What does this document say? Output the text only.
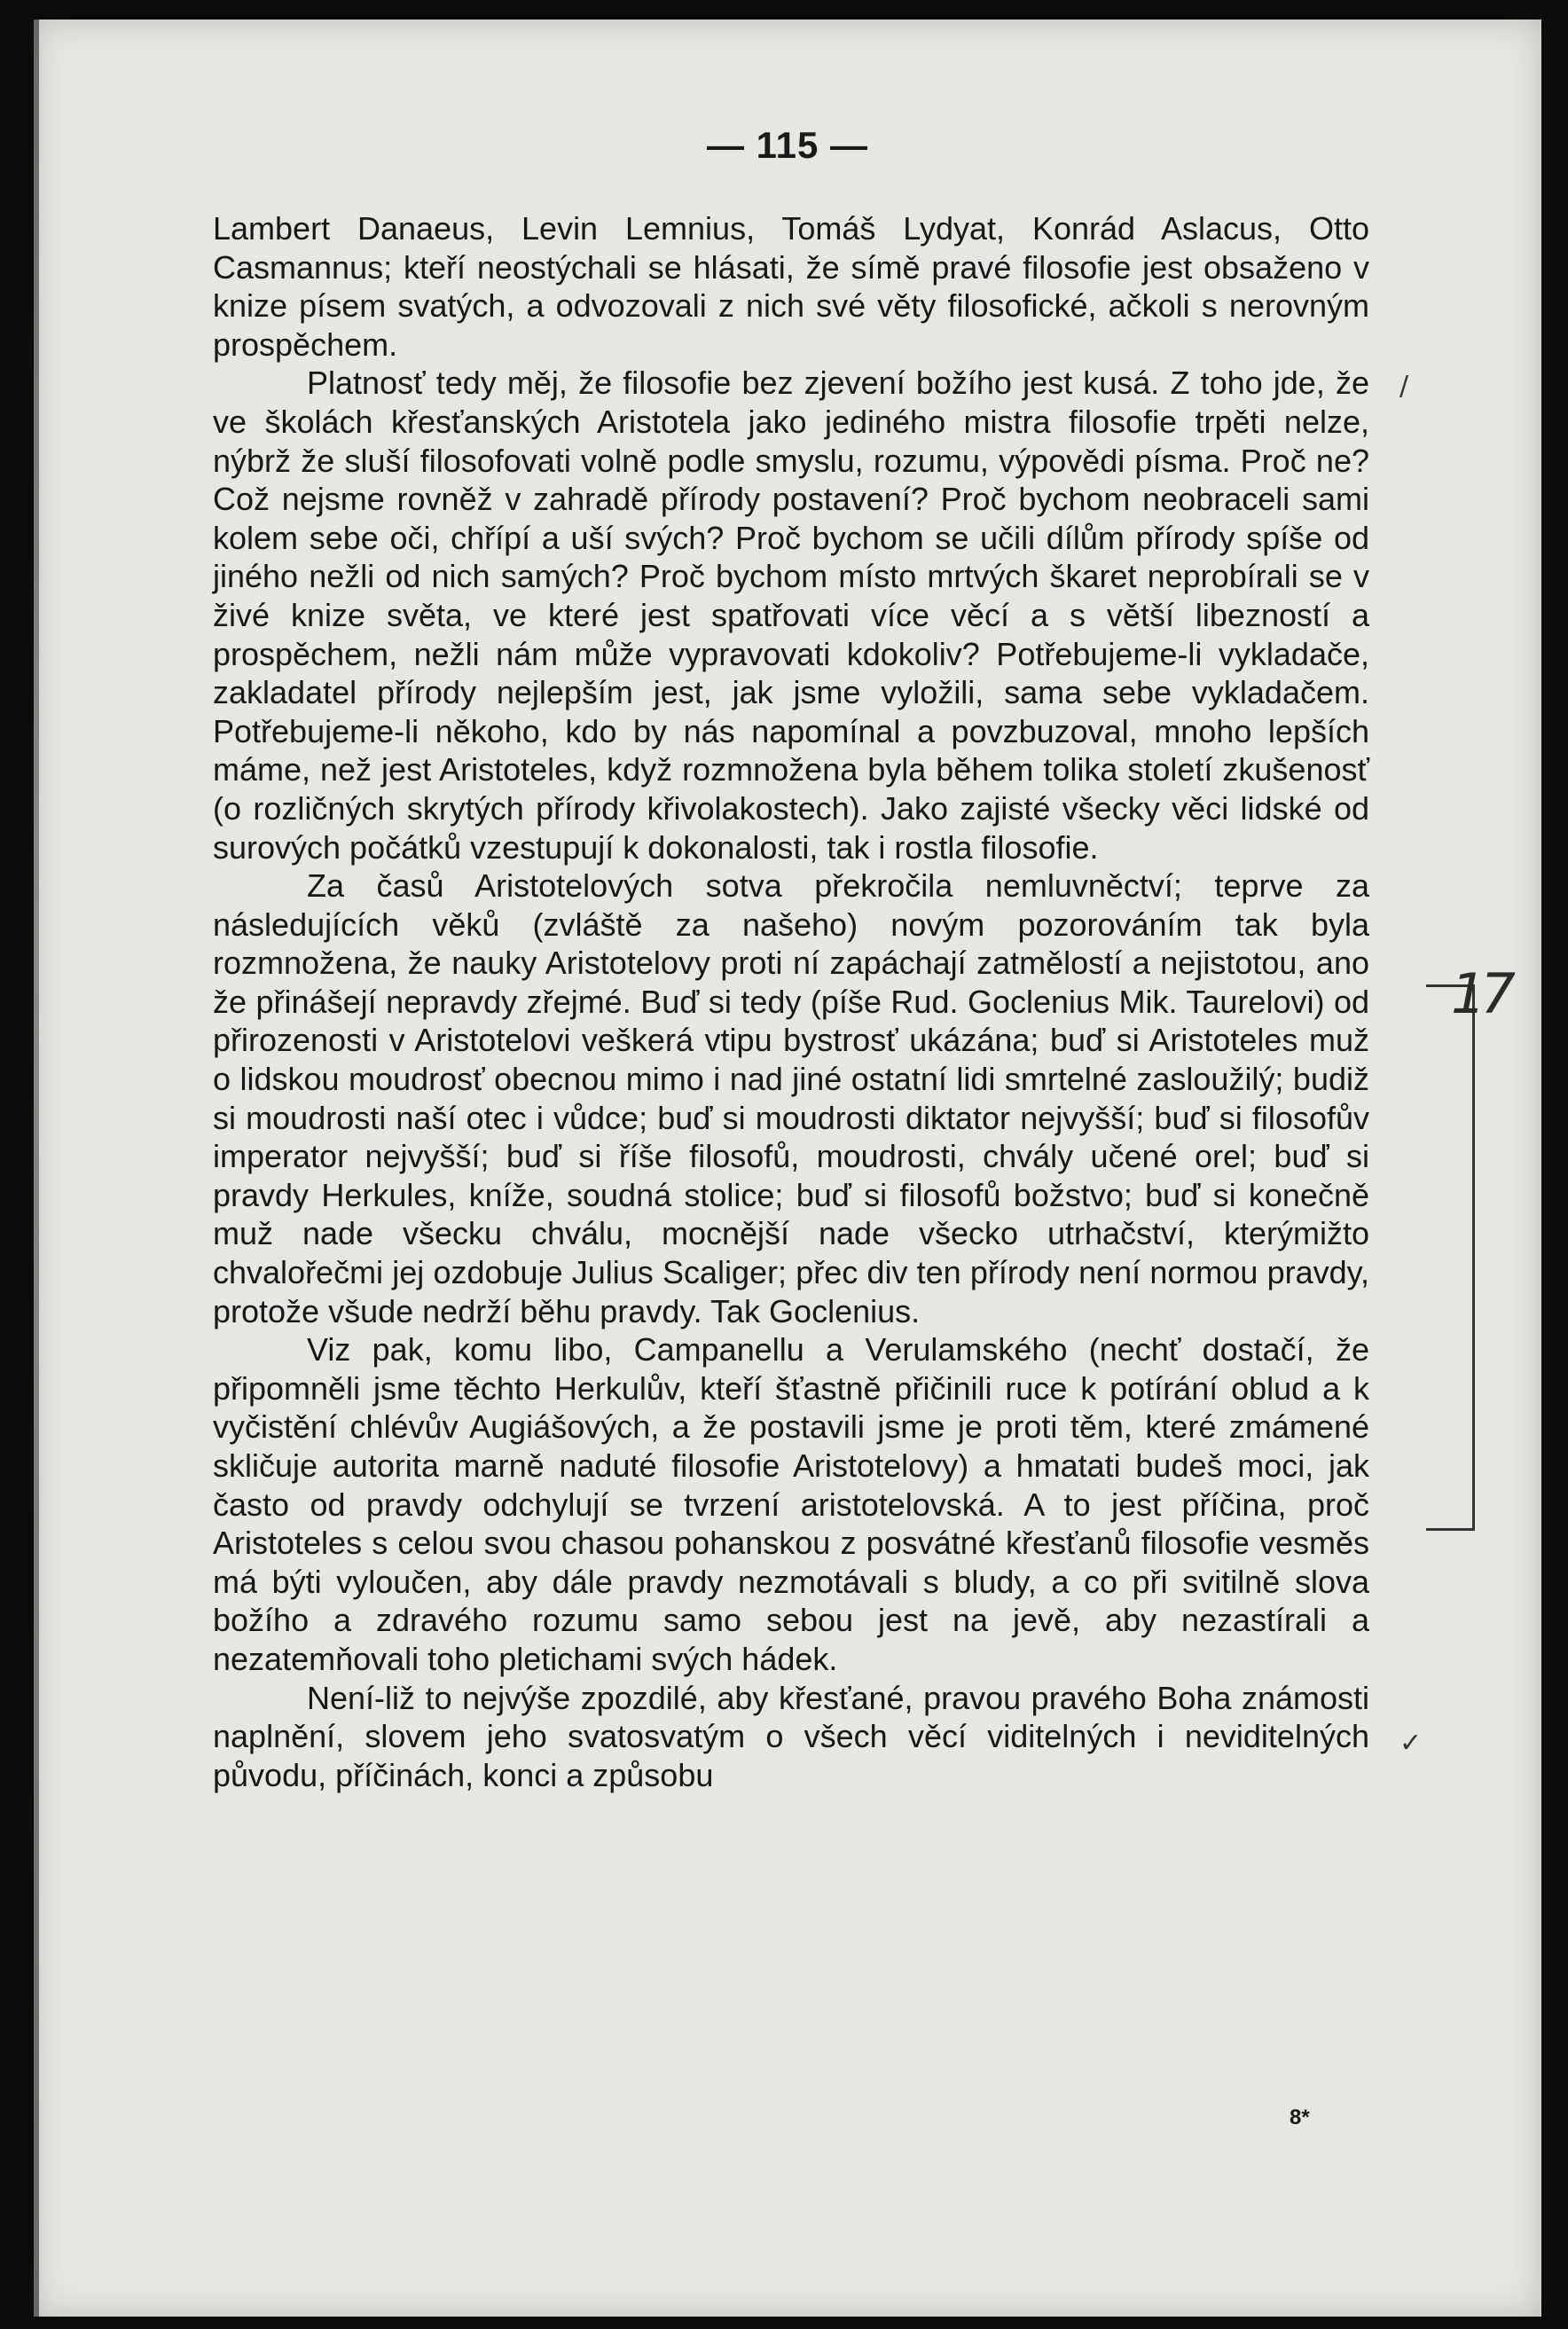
— 115 —

Lambert Danaeus, Levin Lemnius, Tomáš Lydyat, Konrád Aslacus, Otto Casmannus; kteří neostýchali se hlásati, že símě pravé filosofie jest obsaženo v knize písem svatých, a odvozovali z nich své věty filosofické, ačkoli s nerovným prospěchem.

Platnosť tedy měj, že filosofie bez zjevení božího jest kusá. Z toho jde, že ve školách křesťanských Aristotela jako jediného mistra filosofie trpěti nelze, nýbrž že sluší filosofovati volně podle smyslu, rozumu, výpovědi písma. Proč ne? Což nejsme rovněž v zahradě přírody postavení? Proč bychom neobraceli sami kolem sebe oči, chřípí a uší svých? Proč bychom se učili dílům přírody spíše od jiného nežli od nich samých? Proč bychom místo mrtvých škaret neprobírali se v živé knize světa, ve které jest spatřovati více věcí a s větší libezností a prospěchem, nežli nám může vypravovati kdokoliv? Potřebujeme-li vykladače, zakladatel přírody nejlepším jest, jak jsme vyložili, sama sebe vykladačem. Potřebujeme-li někoho, kdo by nás napomínal a povzbuzoval, mnoho lepších máme, než jest Aristoteles, když rozmnožena byla během tolika století zkušenosť (o rozličných skrytých přírody křivolakostech). Jako zajisté všecky věci lidské od surových počátků vzestupují k dokonalosti, tak i rostla filosofie.

Za časů Aristotelových sotva překročila nemluvněctví; teprve za následujících věků (zvláště za našeho) novým pozorováním tak byla rozmnožena, že nauky Aristotelovy proti ní zapáchají zatmělostí a nejistotou, ano že přinášejí nepravdy zřejmé. Buď si tedy (píše Rud. Goclenius Mik. Taurelovi) od přirozenosti v Aristotelovi veškerá vtipu bystrosť ukázána; buď si Aristoteles muž o lidskou moudrosť obecnou mimo i nad jiné ostatní lidi smrtelné zasloužilý; budiž si moudrosti naší otec i vůdce; buď si moudrosti diktator nejvyšší; buď si filosofův imperator nejvyšší; buď si říše filosofů, moudrosti, chvály učené orel; buď si pravdy Herkules, kníže, soudná stolice; buď si filosofů božstvo; buď si konečně muž nade všecku chválu, mocnější nade všecko utrhačství, kterýmižto chvalořečmi jej ozdobuje Julius Scaliger; přec div ten přírody není normou pravdy, protože všude nedrží běhu pravdy. Tak Goclenius.

Viz pak, komu libo, Campanellu a Verulamského (nechť dostačí, že připomněli jsme těchto Herkulův, kteří šťastně přičinili ruce k potírání oblud a k vyčistění chlévův Augiášových, a že postavili jsme je proti těm, které zmámené skličuje autorita marně naduté filosofie Aristotelovy) a hmatati budeš moci, jak často od pravdy odchylují se tvrzení aristotelovská. A to jest příčina, proč Aristoteles s celou svou chasou pohanskou z posvátné křesťanů filosofie vesměs má býti vyloučen, aby dále pravdy nezmotávali s bludy, a co při svitilně slova božího a zdravého rozumu samo sebou jest na jevě, aby nezastírali a nezatemňovali toho pletichami svých hádek.

Není-liž to nejvýše zpozdilé, aby křesťané, pravou pravého Boha známosti naplnění, slovem jeho svatosvatým o všech věcí viditelných i neviditelných původu, příčinách, konci a způsobu

8*
17
/
✓
